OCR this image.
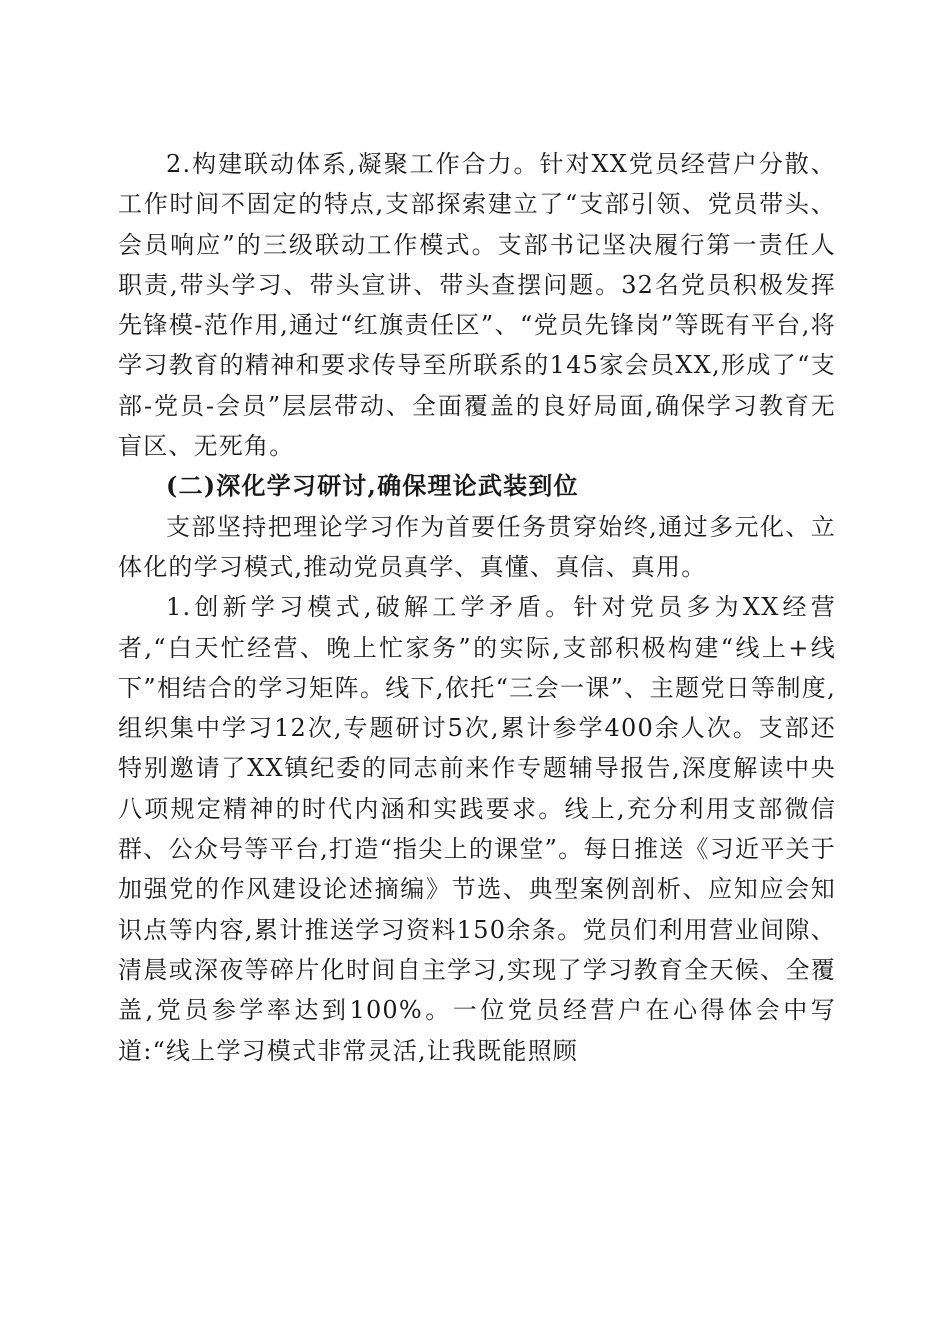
2.构建联动体系,凝聚工作合力。针对XX党员经营户分散、工作时间不固定的特点,支部探索建立了“支部引领、党员带头、会员响应”的三级联动工作模式。支部书记坚决履行第一责任人职责,带头学习、带头宣讲、带头查摆问题。32名党员积极发挥先锋模-范作用,通过“红旗责任区”、“党员先锋岗”等既有平台,将学习教育的精神和要求传导至所联系的145家会员XX,形成了“支部-党员-会员”层层带动、全面覆盖的良好局面,确保学习教育无盲区、无死角。

(二)深化学习研讨,确保理论武装到位

支部坚持把理论学习作为首要任务贯穿始终,通过多元化、立体化的学习模式,推动党员真学、真懂、真信、真用。

1.创新学习模式,破解工学矛盾。针对党员多为XX经营者,“白天忙经营、晚上忙家务”的实际,支部积极构建“线上+线下”相结合的学习矩阵。线下,依托“三会一课”、主题党日等制度,组织集中学习12次,专题研讨5次,累计参学400余人次。支部还特别邀请了XX镇纪委的同志前来作专题辅导报告,深度解读中央八项规定精神的时代内涵和实践要求。线上,充分利用支部微信群、公众号等平台,打造“指尖上的课堂”。每日推送《习近平关于加强党的作风建设论述摘编》节选、典型案例剖析、应知应会知识点等内容,累计推送学习资料150余条。党员们利用营业间隙、清晨或深夜等碎片化时间自主学习,实现了学习教育全天候、全覆盖,党员参学率达到100%。一位党员经营户在心得体会中写道:“线上学习模式非常灵活,让我既能照顾
